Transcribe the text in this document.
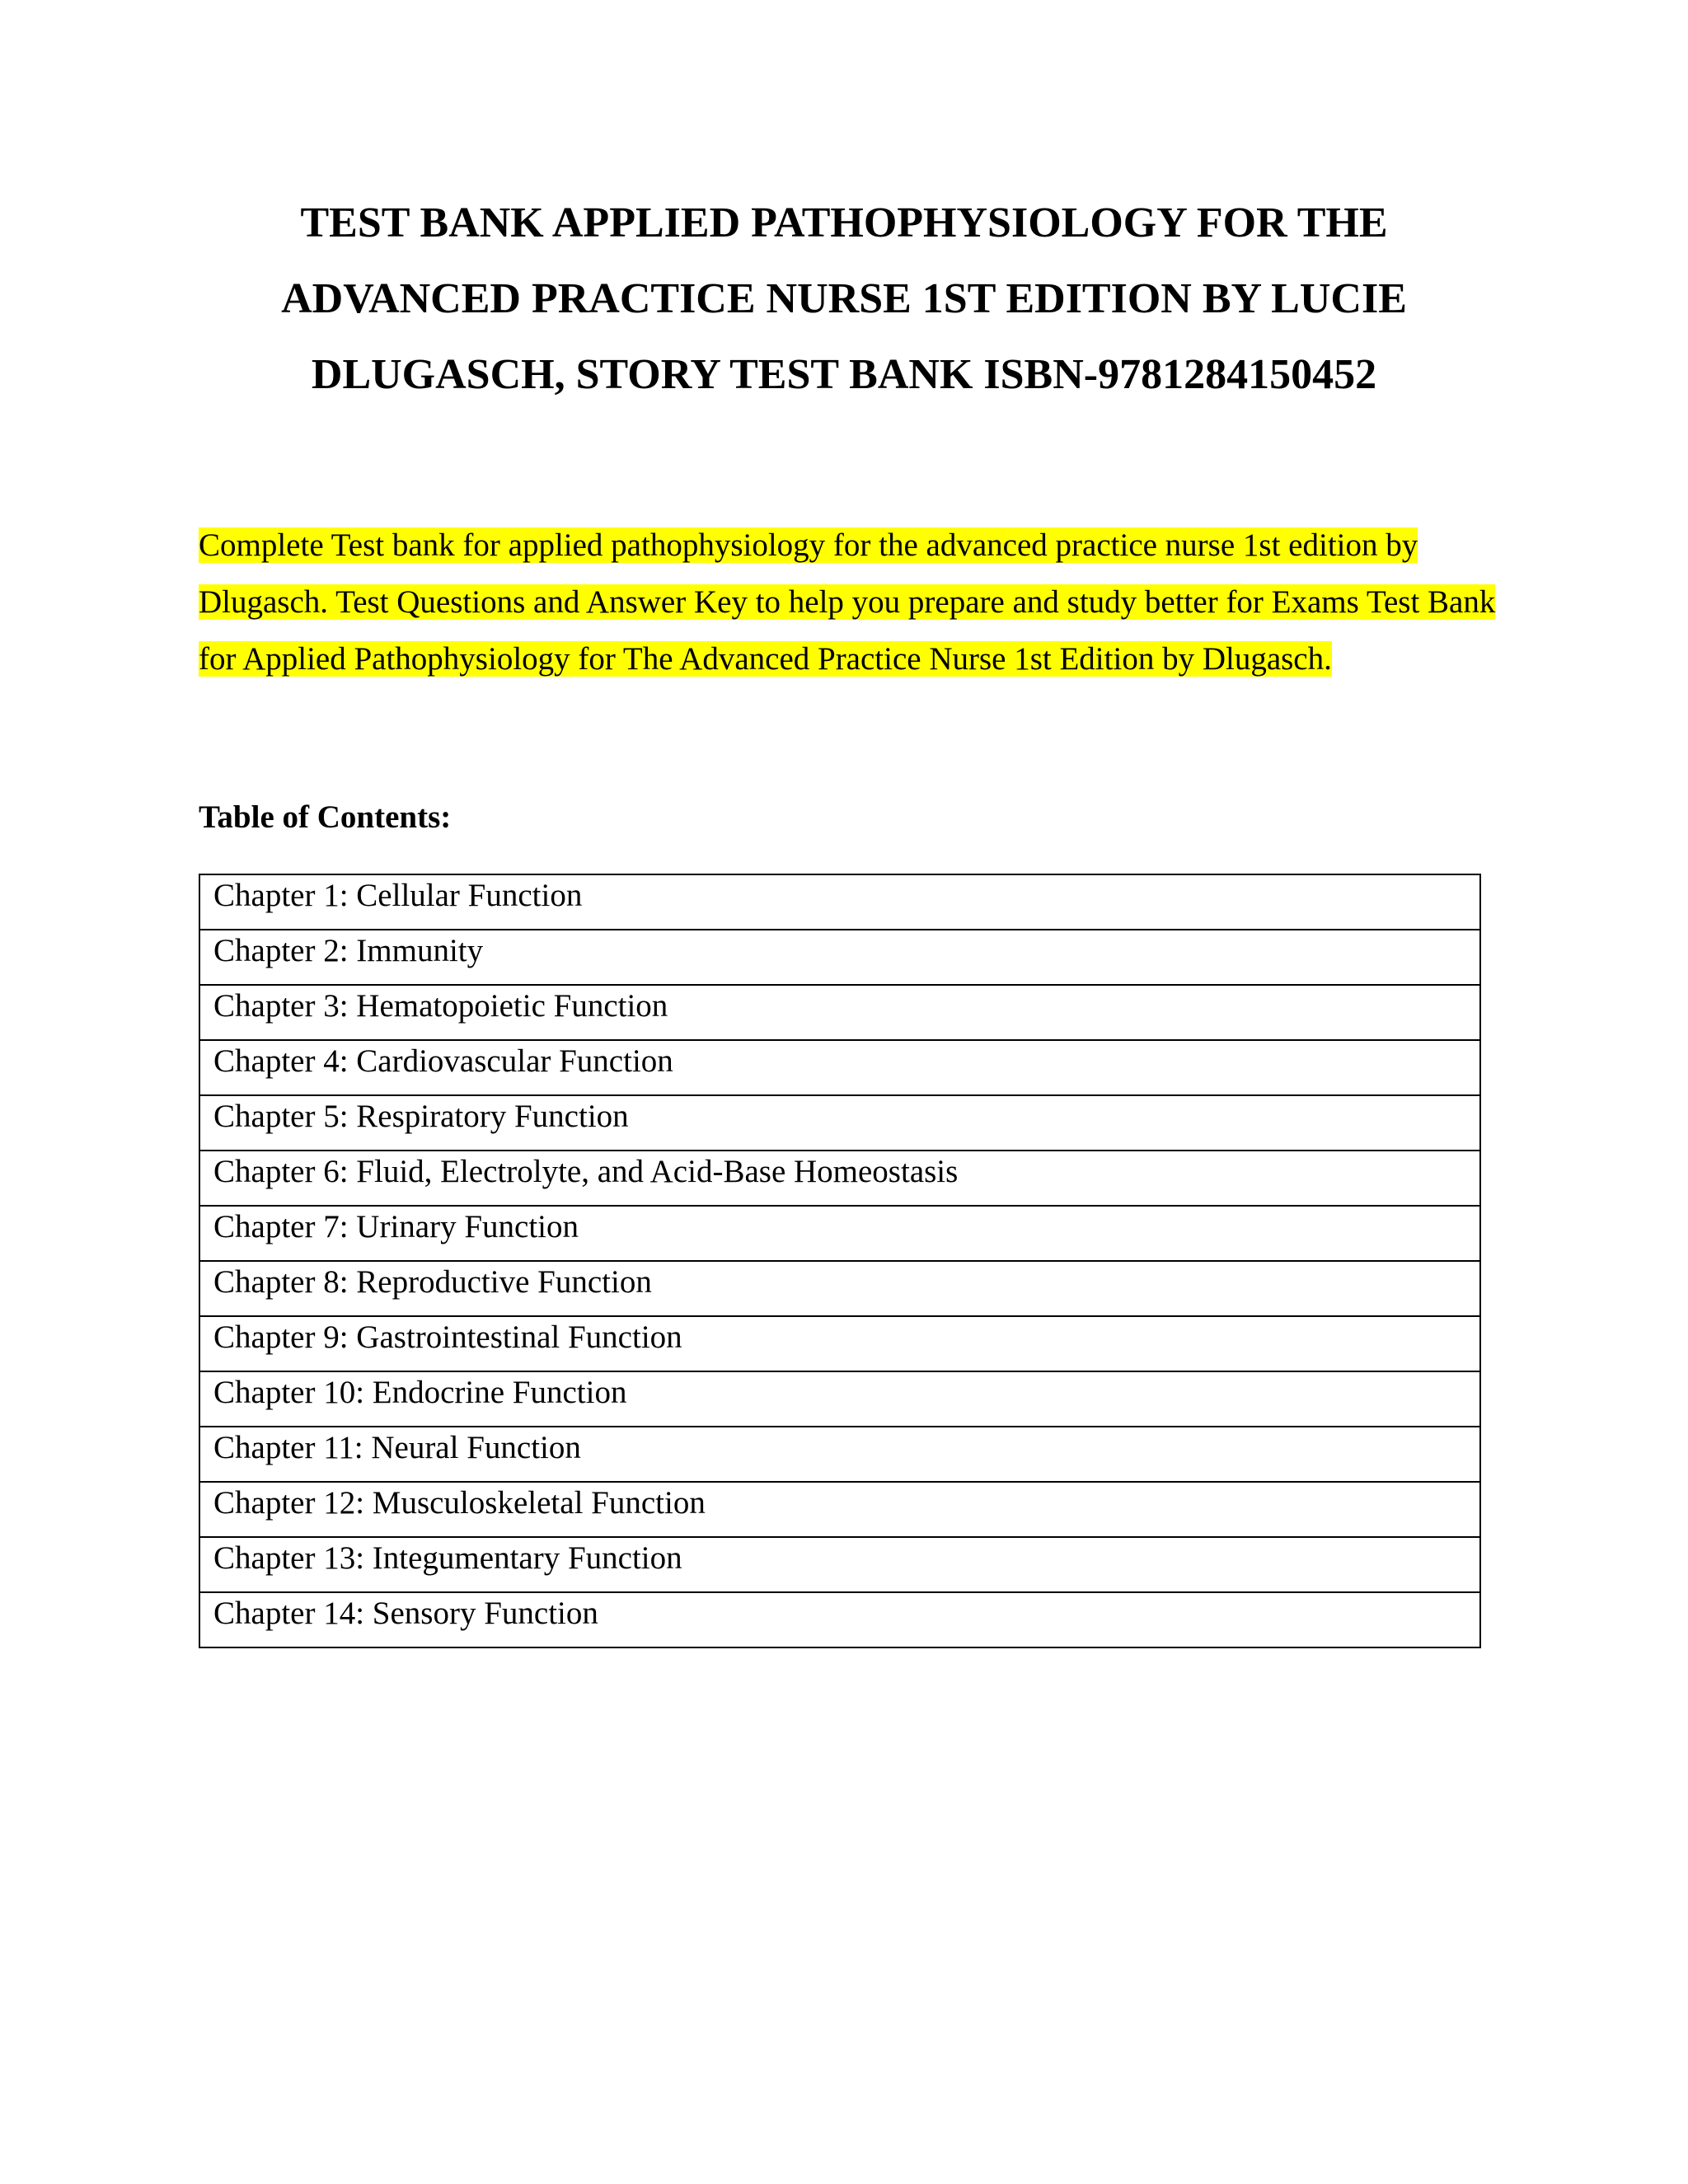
TEST BANK APPLIED PATHOPHYSIOLOGY FOR THE ADVANCED PRACTICE NURSE 1ST EDITION BY LUCIE DLUGASCH, STORY TEST BANK ISBN-9781284150452

Complete Test bank for applied pathophysiology for the advanced practice nurse 1st edition by Dlugasch. Test Questions and Answer Key to help you prepare and study better for Exams Test Bank for Applied Pathophysiology for The Advanced Practice Nurse 1st Edition by Dlugasch.

Table of Contents:

Chapter 1: Cellular Function
Chapter 2: Immunity
Chapter 3: Hematopoietic Function
Chapter 4: Cardiovascular Function
Chapter 5: Respiratory Function
Chapter 6: Fluid, Electrolyte, and Acid-Base Homeostasis
Chapter 7: Urinary Function
Chapter 8: Reproductive Function
Chapter 9: Gastrointestinal Function
Chapter 10: Endocrine Function
Chapter 11: Neural Function
Chapter 12: Musculoskeletal Function
Chapter 13: Integumentary Function
Chapter 14: Sensory Function
